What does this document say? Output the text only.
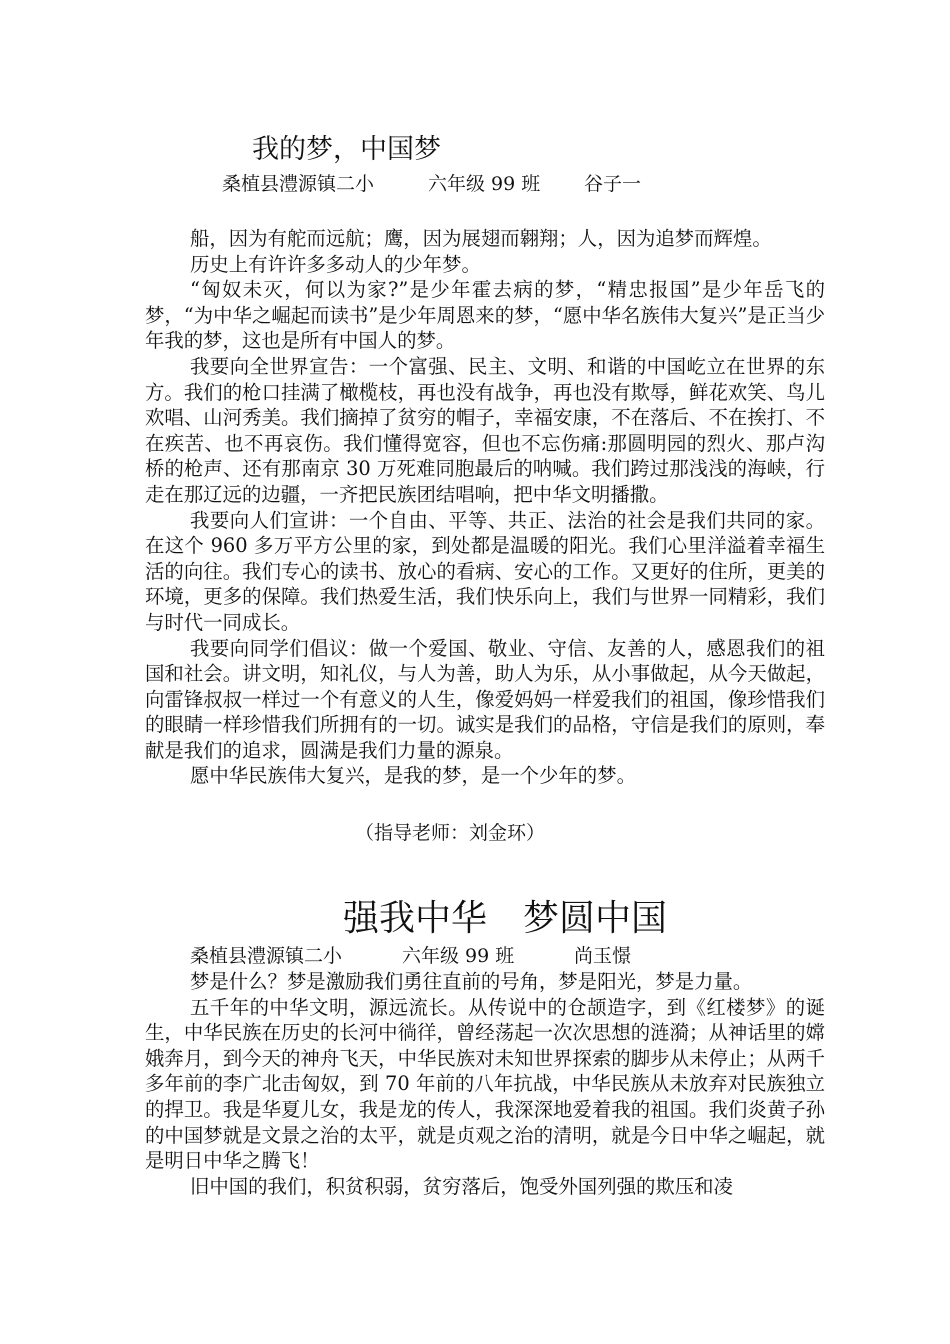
我的梦，中国梦
桑植县澧源镇二小	六年级 99 班 谷子一

船，因为有舵而远航；鹰，因为展翅而翱翔；人，因为追梦而辉煌。

历史上有许许多多动人的少年梦。

“匈奴未灭，何以为家?”是少年霍去病的梦，“精忠报国”是少年岳飞的梦，“为中华之崛起而读书”是少年周恩来的梦，“愿中华名族伟大复兴”是正当少年我的梦，这也是所有中国人的梦。

我要向全世界宣告：一个富强、民主、文明、和谐的中国屹立在世界的东方。我们的枪口挂满了橄榄枝，再也没有战争，再也没有欺辱，鲜花欢笑、鸟儿欢唱、山河秀美。我们摘掉了贫穷的帽子，幸福安康，不在落后、不在挨打、不在疾苦、也不再哀伤。我们懂得宽容，但也不忘伤痛:那圆明园的烈火、那卢沟桥的枪声、还有那南京 30 万死难同胞最后的呐喊。我们跨过那浅浅的海峡，行走在那辽远的边疆，一齐把民族团结唱响，把中华文明播撒。

我要向人们宣讲：一个自由、平等、共正、法治的社会是我们共同的家。在这个 960 多万平方公里的家，到处都是温暖的阳光。我们心里洋溢着幸福生活的向往。我们专心的读书、放心的看病、安心的工作。又更好的住所，更美的环境，更多的保障。我们热爱生活，我们快乐向上，我们与世界一同精彩，我们与时代一同成长。

我要向同学们倡议：做一个爱国、敬业、守信、友善的人，感恩我们的祖国和社会。讲文明，知礼仪，与人为善，助人为乐，从小事做起，从今天做起，向雷锋叔叔一样过一个有意义的人生，像爱妈妈一样爱我们的祖国，像珍惜我们的眼睛一样珍惜我们所拥有的一切。诚实是我们的品格，守信是我们的原则，奉献是我们的追求，圆满是我们力量的源泉。

愿中华民族伟大复兴，是我的梦，是一个少年的梦。

（指导老师：刘金环）
强我中华　梦圆中国
桑植县澧源镇二小	六年级 99 班	尚玉憬

梦是什么？梦是激励我们勇往直前的号角，梦是阳光，梦是力量。

五千年的中华文明，源远流长。从传说中的仓颉造字，到《红楼梦》的诞生，中华民族在历史的长河中徜徉，曾经荡起一次次思想的涟漪；从神话里的嫦娥奔月，到今天的神舟飞天，中华民族对未知世界探索的脚步从未停止；从两千多年前的李广北击匈奴，到 70 年前的八年抗战，中华民族从未放弃对民族独立的捍卫。我是华夏儿女，我是龙的传人，我深深地爱着我的祖国。我们炎黄子孙的中国梦就是文景之治的太平，就是贞观之治的清明，就是今日中华之崛起，就是明日中华之腾飞！

旧中国的我们，积贫积弱，贫穷落后，饱受外国列强的欺压和凌
